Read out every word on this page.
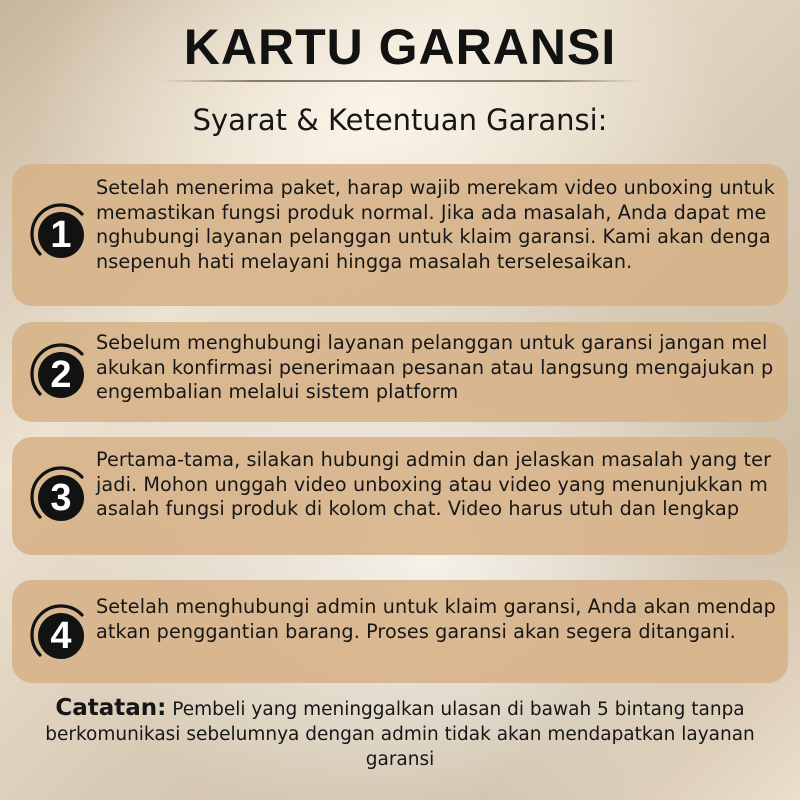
KARTU GARANSI
Syarat & Ketentuan Garansi:
1
Setelah menerima paket, harap wajib merekam video unboxing untuk memastikan fungsi produk normal. Jika ada masalah, Anda dapat menghubungi layanan pelanggan untuk klaim garansi. Kami akan dengansepenuh hati melayani hingga masalah terselesaikan.
2
Sebelum menghubungi layanan pelanggan untuk garansi jangan melakukan konfirmasi penerimaan pesanan atau langsung mengajukan pengembalian melalui sistem platform
3
Pertama-tama, silakan hubungi admin dan jelaskan masalah yang terjadi. Mohon unggah video unboxing atau video yang menunjukkan masalah fungsi produk di kolom chat. Video harus utuh dan lengkap
4
Setelah menghubungi admin untuk klaim garansi, Anda akan mendapatkan penggantian barang. Proses garansi akan segera ditangani.
Catatan: Pembeli yang meninggalkan ulasan di bawah 5 bintang tanpa berkomunikasi sebelumnya dengan admin tidak akan mendapatkan layanan garansi
